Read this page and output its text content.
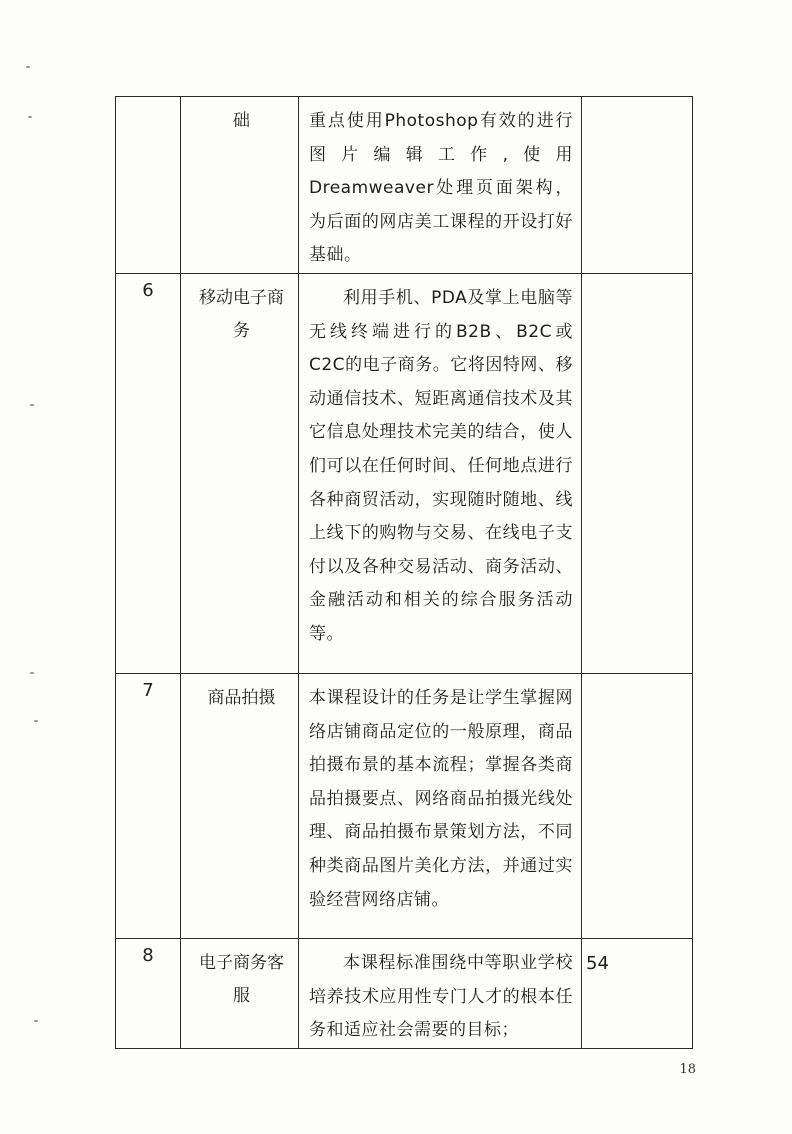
	础	重点使用Photoshop有效的进行图片编辑工作,使用Dreamweaver处理页面架构，为后面的网店美工课程的开设打好基础。	

6	移动电子商务	利用手机、PDA及掌上电脑等无线终端进行的B2B、B2C或C2C的电子商务。它将因特网、移动通信技术、短距离通信技术及其它信息处理技术完美的结合，使人们可以在任何时间、任何地点进行各种商贸活动，实现随时随地、线上线下的购物与交易、在线电子支付以及各种交易活动、商务活动、金融活动和相关的综合服务活动等。	

7	商品拍摄	本课程设计的任务是让学生掌握网络店铺商品定位的一般原理，商品拍摄布景的基本流程；掌握各类商品拍摄要点、网络商品拍摄光线处理、商品拍摄布景策划方法，不同种类商品图片美化方法，并通过实验经营网络店铺。	

8	电子商务客服	本课程标准围绕中等职业学校培养技术应用性专门人才的根本任务和适应社会需要的目标；	54
18
